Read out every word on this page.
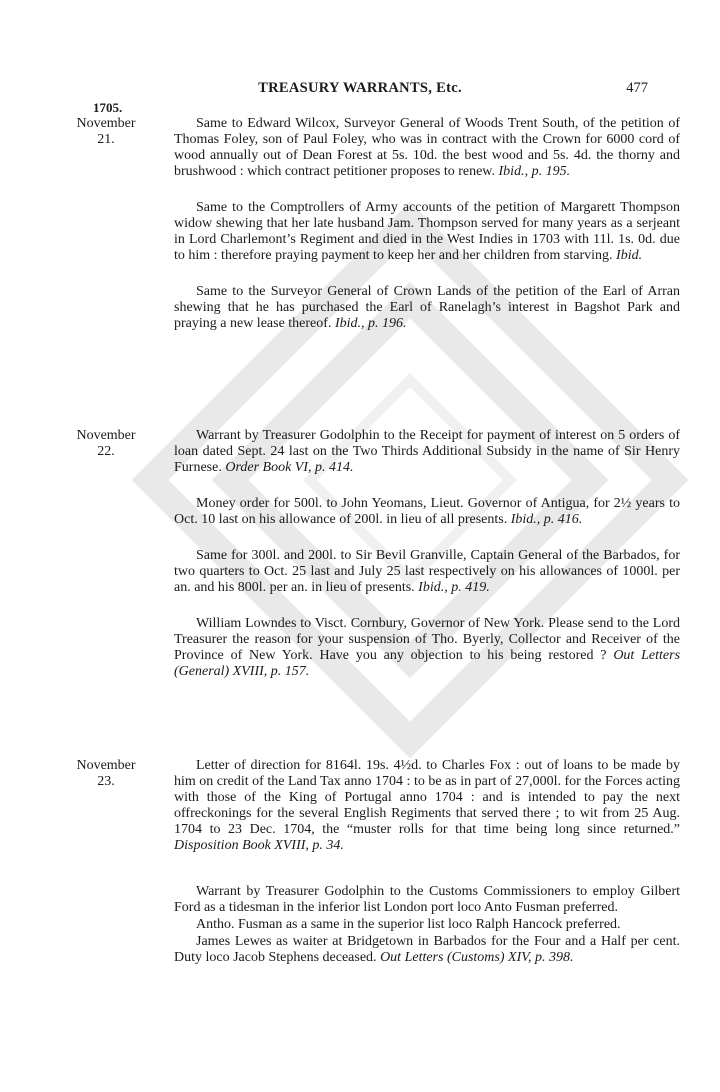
TREASURY WARRANTS, Etc.	477
1705.
November
21.
November
22.
November
23.

Same to Edward Wilcox, Surveyor General of Woods Trent South, of the petition of Thomas Foley, son of Paul Foley, who was in contract with the Crown for 6000 cord of wood annually out of Dean Forest at 5s. 10d. the best wood and 5s. 4d. the thorny and brushwood : which contract petitioner proposes to renew. Ibid., p. 195.

Same to the Comptrollers of Army accounts of the petition of Margarett Thompson widow shewing that her late husband Jam. Thompson served for many years as a serjeant in Lord Charlemont’s Regiment and died in the West Indies in 1703 with 11l. 1s. 0d. due to him : therefore praying payment to keep her and her children from starving. Ibid.

Same to the Surveyor General of Crown Lands of the petition of the Earl of Arran shewing that he has purchased the Earl of Ranelagh’s interest in Bagshot Park and praying a new lease thereof. Ibid., p. 196.

Warrant by Treasurer Godolphin to the Receipt for payment of interest on 5 orders of loan dated Sept. 24 last on the Two Thirds Additional Subsidy in the name of Sir Henry Furnese. Order Book VI, p. 414.

Money order for 500l. to John Yeomans, Lieut. Governor of Antigua, for 2½ years to Oct. 10 last on his allowance of 200l. in lieu of all presents. Ibid., p. 416.

Same for 300l. and 200l. to Sir Bevil Granville, Captain General of the Barbados, for two quarters to Oct. 25 last and July 25 last respectively on his allowances of 1000l. per an. and his 800l. per an. in lieu of presents. Ibid., p. 419.

William Lowndes to Visct. Cornbury, Governor of New York. Please send to the Lord Treasurer the reason for your suspension of Tho. Byerly, Collector and Receiver of the Province of New York. Have you any objection to his being restored ? Out Letters (General) XVIII, p. 157.

Letter of direction for 8164l. 19s. 4½d. to Charles Fox : out of loans to be made by him on credit of the Land Tax anno 1704 : to be as in part of 27,000l. for the Forces acting with those of the King of Portugal anno 1704 : and is intended to pay the next offreckonings for the several English Regiments that served there ; to wit from 25 Aug. 1704 to 23 Dec. 1704, the “muster rolls for that time being long since returned.” Disposition Book XVIII, p. 34.

Warrant by Treasurer Godolphin to the Customs Commissioners to employ Gilbert Ford as a tidesman in the inferior list London port loco Anto Fusman preferred.

Antho. Fusman as a same in the superior list loco Ralph Hancock preferred.

James Lewes as waiter at Bridgetown in Barbados for the Four and a Half per cent. Duty loco Jacob Stephens deceased. Out Letters (Customs) XIV, p. 398.
